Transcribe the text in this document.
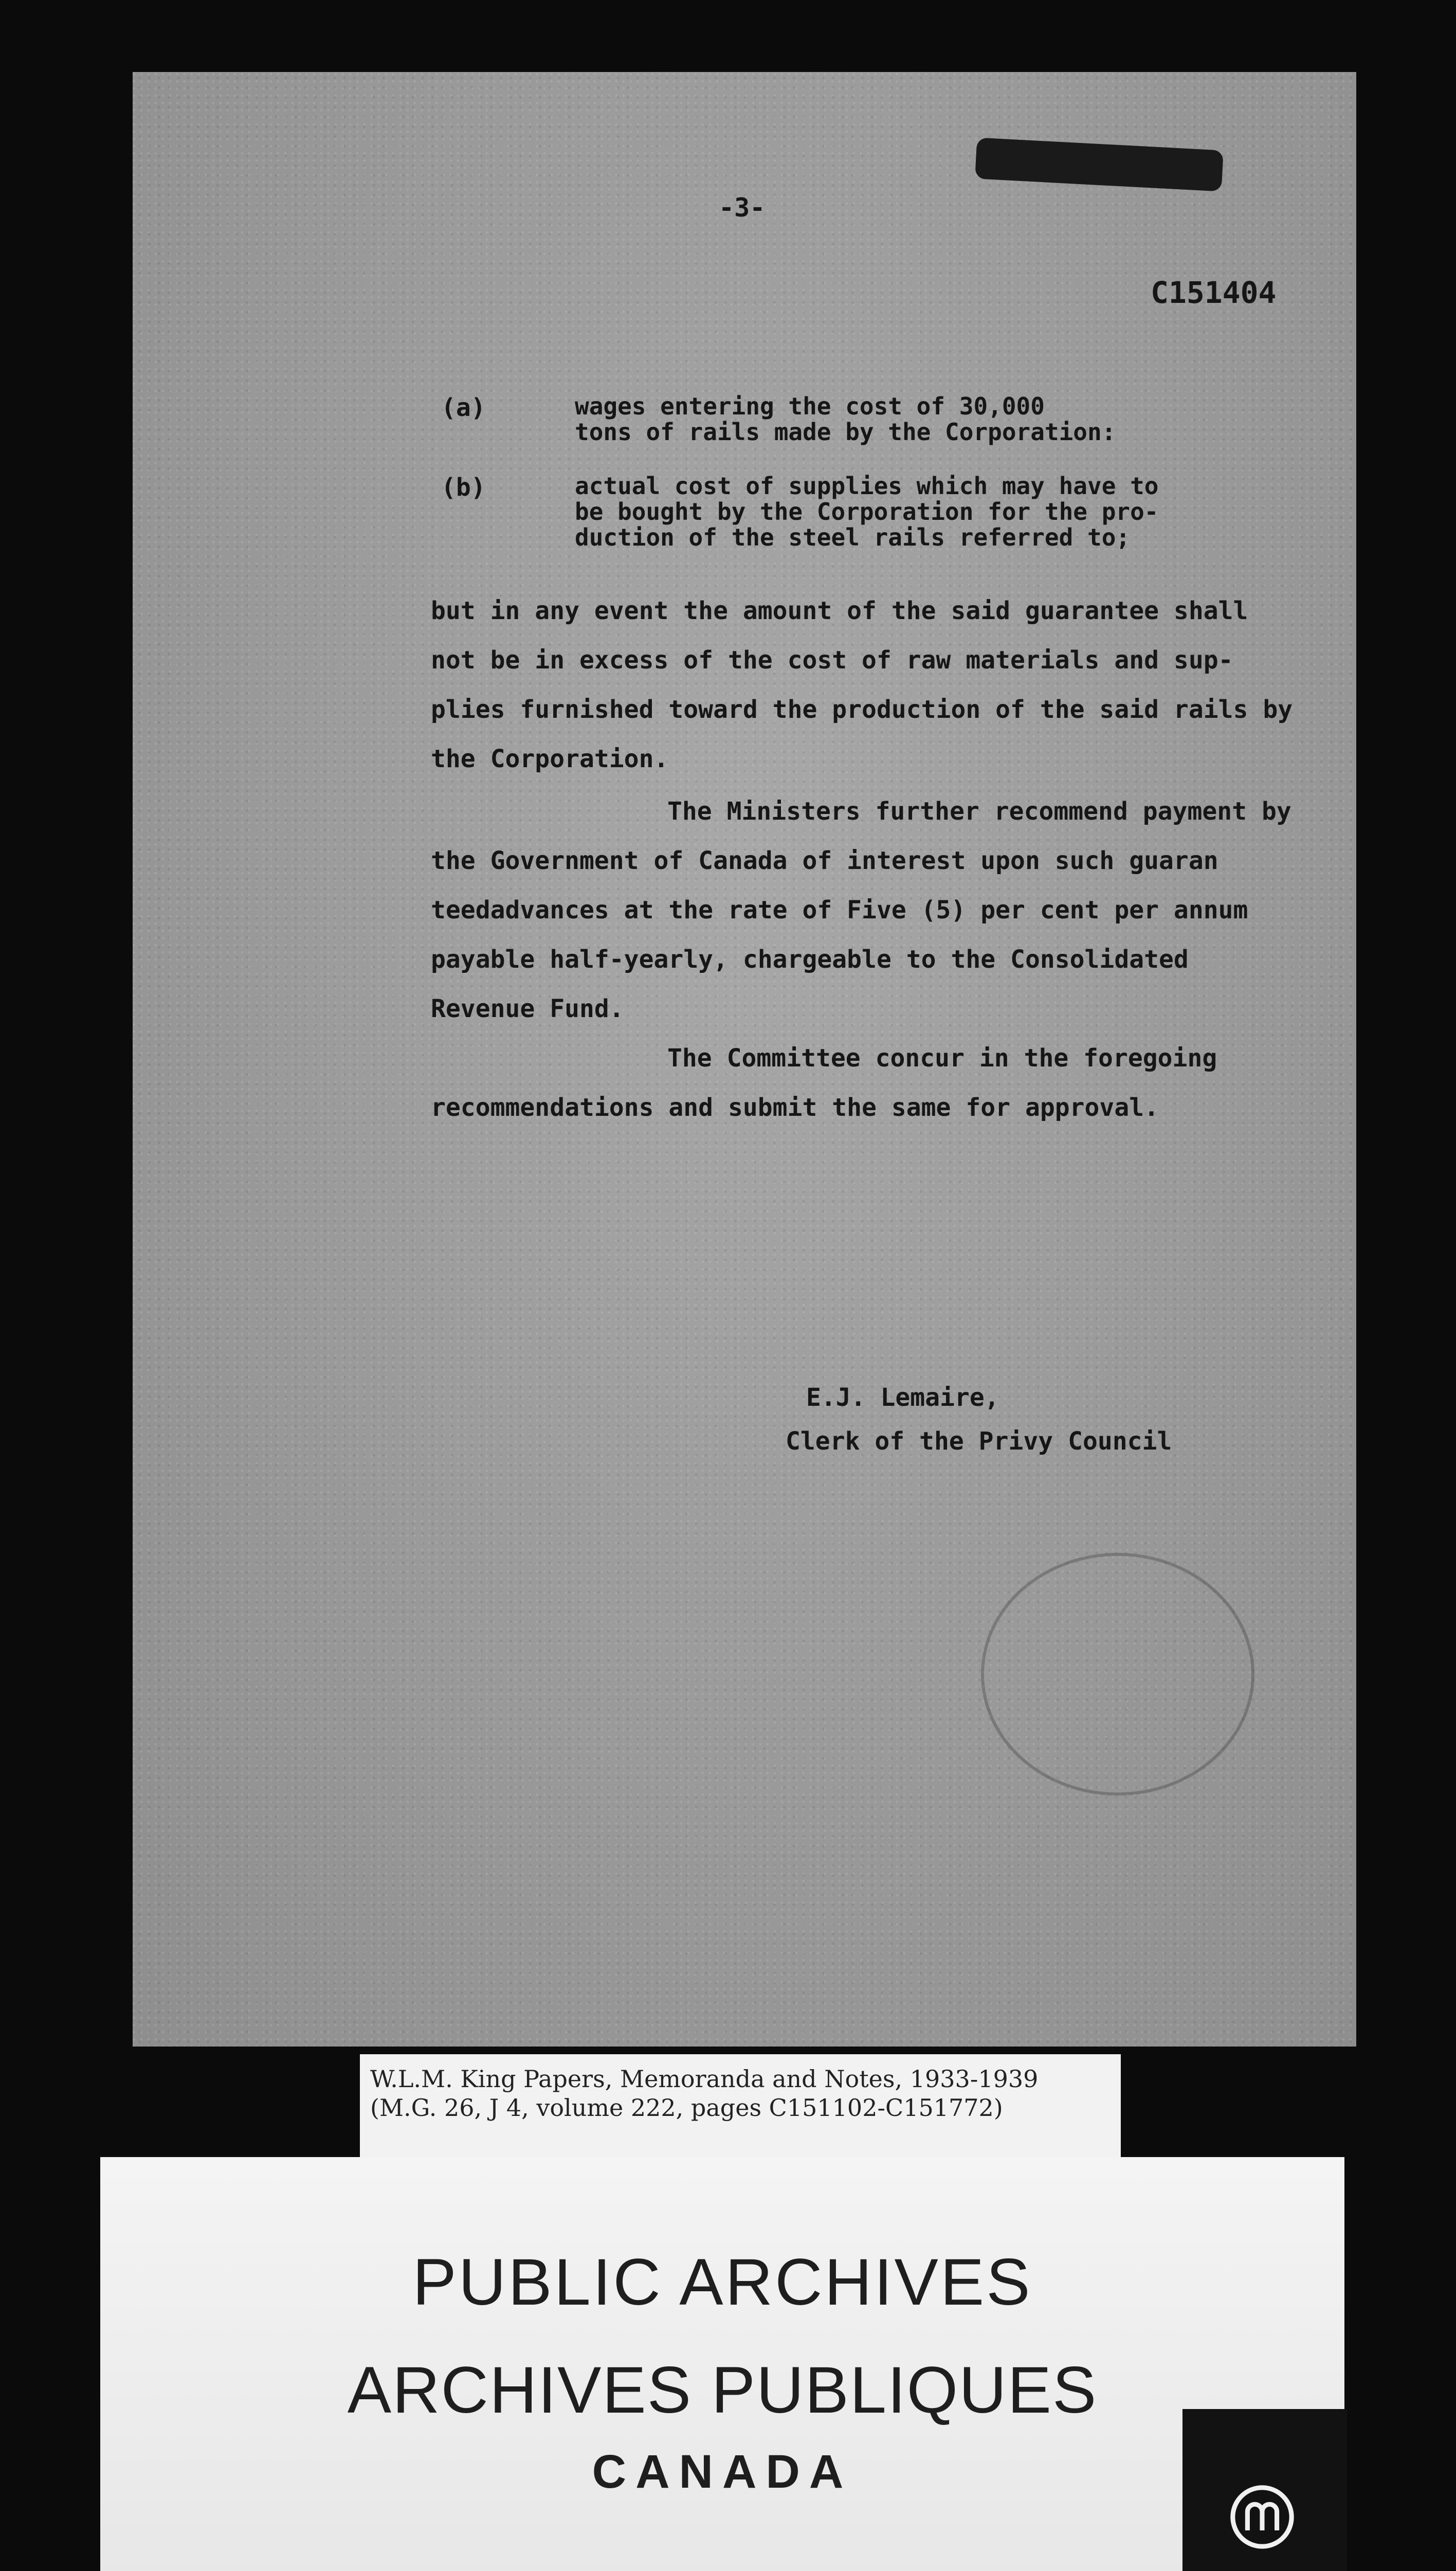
-3-
C
C151404
(a)	wages entering the cost of 30,000
tons of rails made by the Corporation:
(b)	actual cost of supplies which may have to
be bought by the Corporation for the pro-
duction of the steel rails referred to;
but in any event the amount of the said guarantee shall not be in excess of the cost of raw materials and sup- plies furnished toward the production of the said rails by the Corporation.
The Ministers further recommend payment by the Government of Canada of interest upon such guaran teedadvances at the rate of Five (5) per cent per annum payable half-yearly, chargeable to the Consolidated Revenue Fund.
The Committee concur in the foregoing recommendations and submit the same for approval.
E.J. Lemaire,
Clerk of the Privy Council
W.L.M. King Papers, Memoranda and Notes, 1933-1939
(M.G. 26, J 4, volume 222, pages C151102-C151772)
PUBLIC ARCHIVES
ARCHIVES PUBLIQUES
CANADA
